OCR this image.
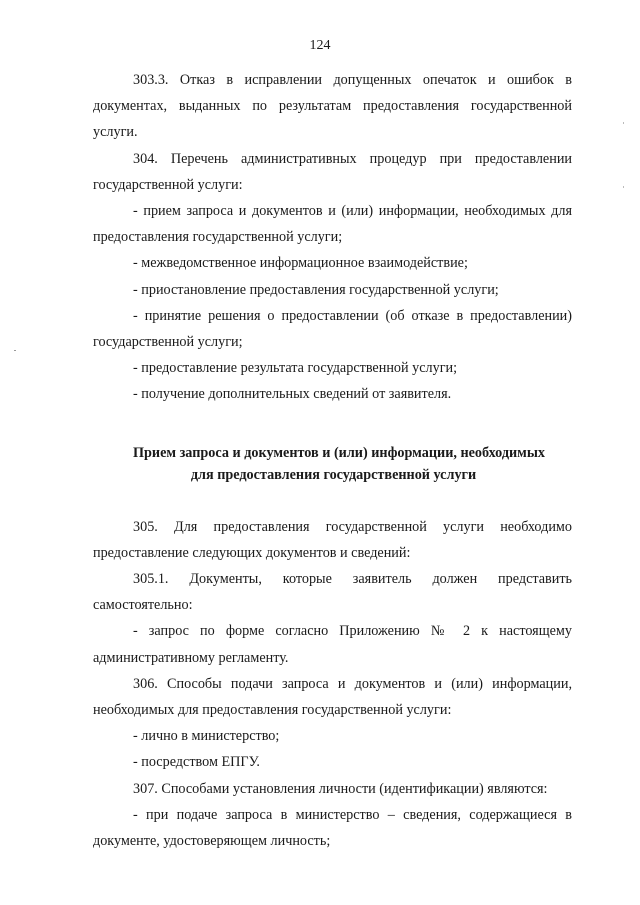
124

303.3. Отказ в исправлении допущенных опечаток и ошибок в документах, выданных по результатам предоставления государственной услуги.

304. Перечень административных процедур при предоставлении государственной услуги:

- прием запроса и документов и (или) информации, необходимых для предоставления государственной услуги;

- межведомственное информационное взаимодействие;

- приостановление предоставления государственной услуги;

- принятие решения о предоставлении (об отказе в предоставлении) государственной услуги;

- предоставление результата государственной услуги;

- получение дополнительных сведений от заявителя.

Прием запроса и документов и (или) информации, необходимых
для предоставления государственной услуги

305. Для предоставления государственной услуги необходимо предоставление следующих документов и сведений:

305.1. Документы, которые заявитель должен представить самостоятельно:

- запрос по форме согласно Приложению № 2 к настоящему административному регламенту.

306. Способы подачи запроса и документов и (или) информации, необходимых для предоставления государственной услуги:

- лично в министерство;

- посредством ЕПГУ.

307. Способами установления личности (идентификации) являются:

- при подаче запроса в министерство – сведения, содержащиеся в документе, удостоверяющем личность;
